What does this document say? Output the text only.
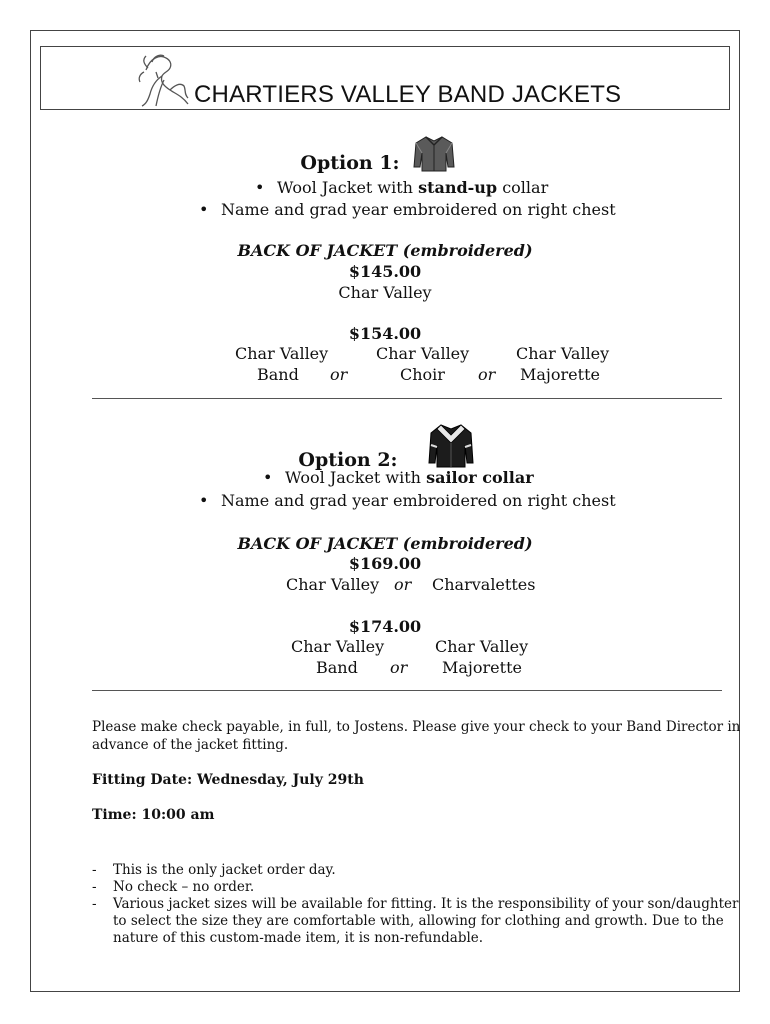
CHARTIERS VALLEY BAND JACKETS
Option 1:
• Wool Jacket with stand-up collar
• Name and grad year embroidered on right chest
BACK OF JACKET (embroidered)
$145.00
Char Valley
$154.00
Char Valley
Band or
Char Valley
Choir or
Char Valley
Majorette
Option 2:
• Wool Jacket with sailor collar
• Name and grad year embroidered on right chest
BACK OF JACKET (embroidered)
$169.00
Char Valley or Charvalettes
$174.00
Char Valley
Band or
Char Valley
Majorette
Please make check payable, in full, to Jostens. Please give your check to your Band Director in
advance of the jacket fitting.
Fitting Date: Wednesday, July 29th
Time: 10:00 am
- This is the only jacket order day.
- No check – no order.
- Various jacket sizes will be available for fitting. It is the responsibility of your son/daughter
to select the size they are comfortable with, allowing for clothing and growth. Due to the
nature of this custom-made item, it is non-refundable.
